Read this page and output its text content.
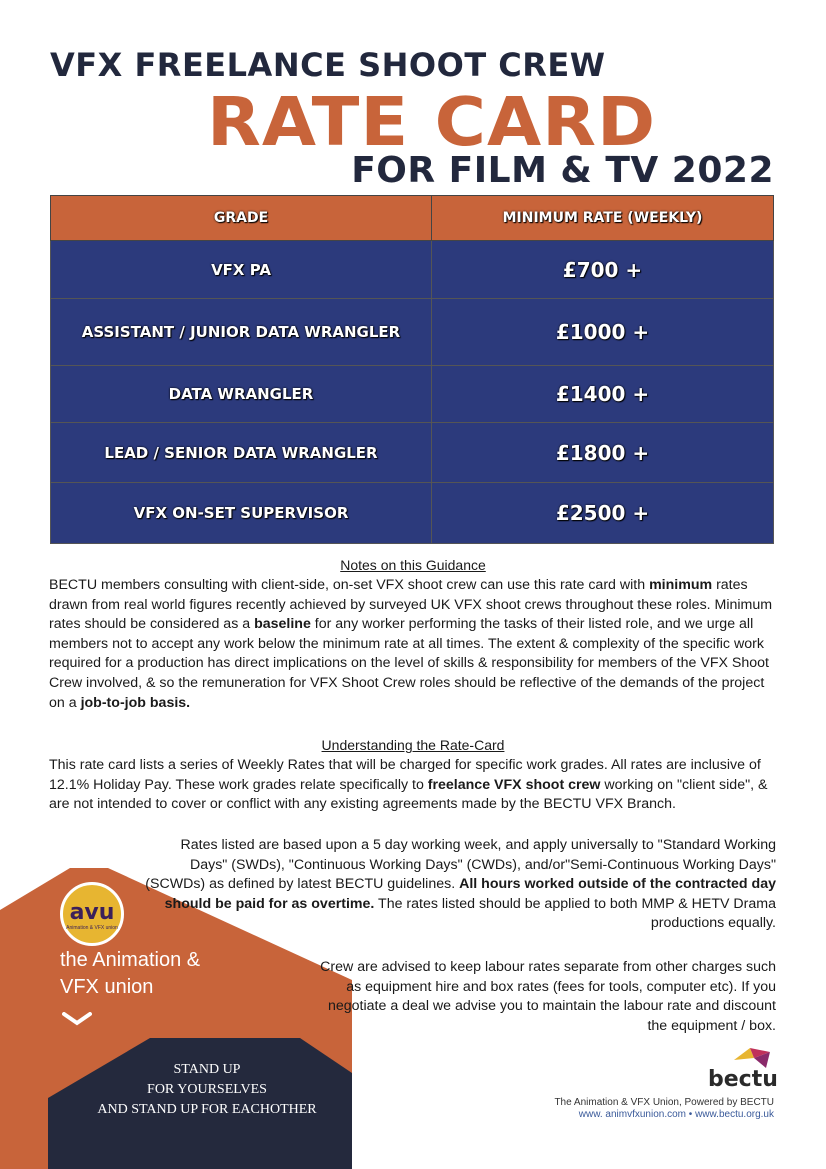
VFX FREELANCE SHOOT CREW
RATE CARD
FOR FILM & TV 2022
GRADE	MINIMUM RATE (WEEKLY)
VFX PA	£700 +
ASSISTANT / JUNIOR DATA WRANGLER	£1000 +
DATA WRANGLER	£1400 +
LEAD / SENIOR DATA WRANGLER	£1800 +
VFX ON-SET SUPERVISOR	£2500 +
Notes on this Guidance
BECTU members consulting with client-side, on-set VFX shoot crew can use this rate card with minimum rates drawn from real world figures recently achieved by surveyed UK VFX shoot crews throughout these roles. Minimum rates should be considered as a baseline for any worker performing the tasks of their listed role, and we urge all members not to accept any work below the minimum rate at all times. The extent & complexity of the specific work required for a production has direct implications on the level of skills & responsibility for members of the VFX Shoot Crew involved, & so the remuneration for VFX Shoot Crew roles should be reflective of the demands of the project on a job-to-job basis.
Understanding the Rate-Card
This rate card lists a series of Weekly Rates that will be charged for specific work grades. All rates are inclusive of 12.1% Holiday Pay. These work grades relate specifically to freelance VFX shoot crew working on "client side", & are not intended to cover or conflict with any existing agreements made by the BECTU VFX Branch.
Rates listed are based upon a 5 day working week, and apply universally to "Standard Working Days" (SWDs), "Continuous Working Days" (CWDs), and/or"Semi-Continuous Working Days" (SCWDs) as defined by latest BECTU guidelines. All hours worked outside of the contracted day should be paid for as overtime. The rates listed should be applied to both MMP & HETV Drama productions equally.
Crew are advised to keep labour rates separate from other charges such as equipment hire and box rates (fees for tools, computer etc). If you negotiate a deal we advise you to maintain the labour rate and discount the equipment / box.
avu
Animation & VFX union
the Animation &
VFX union
STAND UP
FOR YOURSELVES
AND STAND UP FOR EACHOTHER
bectu
The Animation & VFX Union, Powered by BECTU
www. animvfxunion.com • www.bectu.org.uk
